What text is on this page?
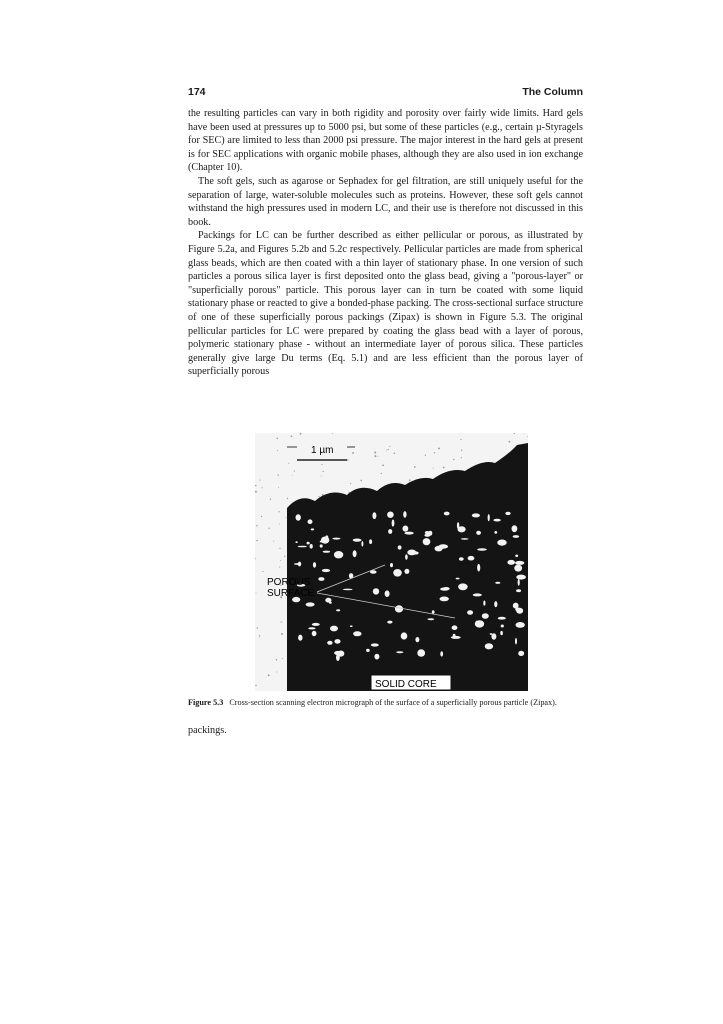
174	The Column

the resulting particles can vary in both rigidity and porosity over fairly wide limits. Hard gels have been used at pressures up to 5000 psi, but some of these particles (e.g., certain µ-Styragels for SEC) are limited to less than 2000 psi pressure. The major interest in the hard gels at present is for SEC applications with organic mobile phases, although they are also used in ion exchange (Chapter 10).

The soft gels, such as agarose or Sephadex for gel filtration, are still uniquely useful for the separation of large, water-soluble molecules such as proteins. However, these soft gels cannot withstand the high pressures used in modern LC, and their use is therefore not discussed in this book.

Packings for LC can be further described as either pellicular or porous, as illustrated by Figure 5.2a, and Figures 5.2b and 5.2c respectively. Pellicular particles are made from spherical glass beads, which are then coated with a thin layer of stationary phase. In one version of such particles a porous silica layer is first deposited onto the glass bead, giving a "porous-layer" or "superficially porous" particle. This porous layer can in turn be coated with some liquid stationary phase or reacted to give a bonded-phase packing. The cross-sectional surface structure of one of these superficially porous packings (Zipax) is shown in Figure 5.3. The original pellicular particles for LC were prepared by coating the glass bead with a layer of porous, polymeric stationary phase - without an intermediate layer of porous silica. These particles generally give large Du terms (Eq. 5.1) and are less efficient than the porous layer of superficially porous

1 µm
POROUS
SURFACE
SOLID CORE
Figure 5.3 Cross-section scanning electron micrograph of the surface of a superficially porous particle (Zipax).
packings.
